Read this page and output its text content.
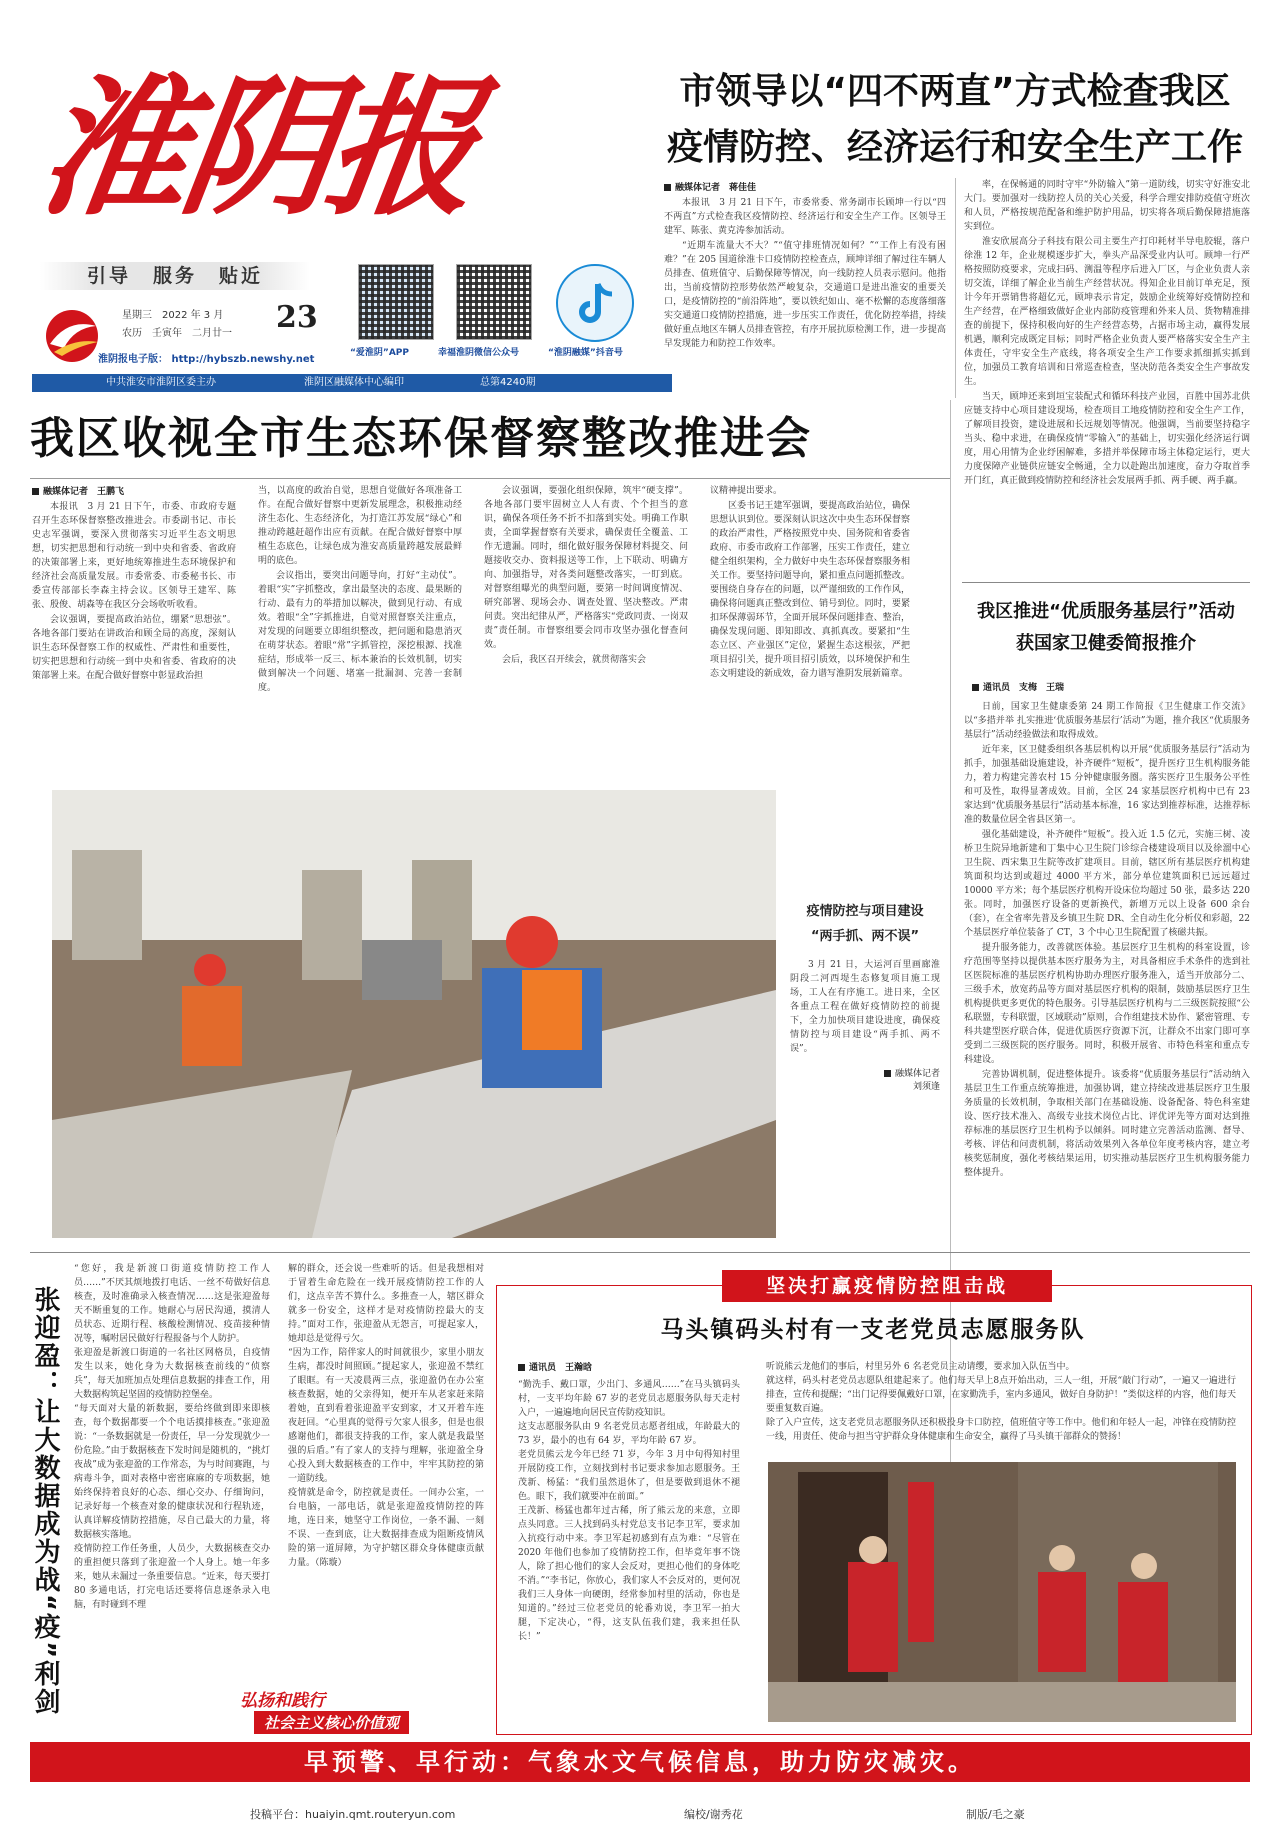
淮阴报
引导　服务　贴近
星期三　2022 年 3 月
农历　壬寅年　二月廿一 23
淮阴报电子版： http://hybszb.newshy.net
“爱淮阴”APP	幸福淮阴微信公众号	“淮阴融媒”抖音号
中共淮安市淮阴区委主办	淮阴区融媒体中心编印	总第4240期
市领导以“四不两直”方式检查我区
疫情防控、经济运行和安全生产工作
融媒体记者　蒋佳佳

本报讯　3 月 21 日下午，市委常委、常务副市长顾坤一行以“四不两直”方式检查我区疫情防控、经济运行和安全生产工作。区领导王建军、陈张、黄克涛参加活动。

“近期车流量大不大？”“值守排班情况如何？”“工作上有没有困难？”在 205 国道徐淮卡口疫情防控检查点，顾坤详细了解过往车辆人员排查、值班值守、后勤保障等情况，向一线防控人员表示慰问。他指出，当前疫情防控形势依然严峻复杂，交通道口是进出淮安的重要关口，是疫情防控的“前沿阵地”，要以铁纪如山、毫不松懈的态度落细落实交通道口疫情防控措施，进一步压实工作责任，优化防控举措，持续做好重点地区车辆人员排查管控，有序开展抗原检测工作，进一步提高早发现能力和防控工作效率。

率，在保畅通的同时守牢“外防输入”第一道防线，切实守好淮安北大门。要加强对一线防控人员的关心关爱，科学合理安排防疫值守班次和人员，严格按规范配备和维护防护用品，切实将各项后勤保障措施落实到位。

淮安欣展高分子科技有限公司主要生产打印耗材半导电胶辊，落户徐淮 12 年，企业规模逐步扩大，拳头产品深受业内认可。顾坤一行严格按照防疫要求，完成扫码、测温等程序后进入厂区，与企业负责人亲切交流，详细了解企业当前生产经营状况。得知企业目前订单充足，预计今年开票销售将超亿元，顾坤表示肯定，鼓励企业统筹好疫情防控和生产经营，在严格细致做好企业内部防疫管理和外来人员、货物精准排查的前提下，保持积极向好的生产经营态势，占据市场主动，赢得发展机遇，顺利完成既定目标；同时严格企业负责人要严格落实安全生产主体责任，守牢安全生产底线，将各项安全生产工作要求抓细抓实抓到位，加强员工教育培训和日常巡查检查，坚决防范各类安全生产事故发生。

当天，顾坤还来到垣宝装配式和循环科技产业园，百胜中国苏北供应链支持中心项目建设现场，检查项目工地疫情防控和安全生产工作，了解项目投资，建设进展和长远规划等情况。他强调，当前要坚持稳字当头、稳中求进，在确保疫情“零输入”的基础上，切实强化经济运行调度，用心用情为企业纾困解难，多措并举保障市场主体稳定运行，更大力度保障产业链供应链安全畅通，全力以赴跑出加速度，奋力夺取首季开门红，真正做到疫情防控和经济社会发展两手抓、两手硬、两手赢。

我区收视全市生态环保督察整改推进会
融媒体记者　王鹏飞

本报讯　3 月 21 日下午，市委、市政府专题召开生态环保督察整改推进会。市委副书记、市长史志军强调，要深入贯彻落实习近平生态文明思想，切实把思想和行动统一到中央和省委、省政府的决策部署上来，更好地统筹推进生态环境保护和经济社会高质量发展。市委常委、市委秘书长、市委宣传部部长李森主持会议。区领导王建军、陈张、殷俊、胡森等在我区分会场收听收看。

会议强调，要提高政治站位，绷紧“思想弦”。各地各部门要站在讲政治和顾全局的高度，深刻认识生态环保督察工作的权威性、严肃性和重要性，切实把思想和行动统一到中央和省委、省政府的决策部署上来。在配合做好督察中彰显政治担

当，以高度的政治自觉，思想自觉做好各项准备工作。在配合做好督察中更新发展理念，积极推动经济生态化、生态经济化，为打造江苏发展“绿心”和推动跨越赶超作出应有贡献。在配合做好督察中厚植生态底色，让绿色成为淮安高质量跨越发展最鲜明的底色。

会议指出，要突出问题导向，打好“主动仗”。着眼“实”字抓整改，拿出最坚决的态度、最果断的行动、最有力的举措加以解决，做到见行动、有成效。着眼“全”字抓推进，自觉对照督察关注重点，对发现的问题要立即组织整改，把问题和隐患消灭在萌芽状态。着眼“常”字抓管控，深挖根源、找准症结，形成举一反三、标本兼治的长效机制，切实做到解决一个问题、堵塞一批漏洞、完善一套制度。

会议强调，要强化组织保障，筑牢“硬支撑”。各地各部门要牢固树立人人有责、个个担当的意识，确保各项任务不折不扣落到实处。明确工作职责，全面掌握督察有关要求，确保责任全覆盖、工作无遗漏。同时，细化做好服务保障材料提交、问题接收交办、资料报送等工作，上下联动、明确方向、加强指导，对各类问题整改落实，一盯到底。对督察组曝光的典型问题，要第一时间调度情况、研究部署、现场会办、调查处置、坚决整改。严肃问责。突出纪律从严，严格落实“党政同责、一岗双责”责任制。市督察组要会同市攻坚办强化督查问效。

会后，我区召开续会，就贯彻落实会

议精神提出要求。

区委书记王建军强调，要提高政治站位，确保思想认识到位。要深刻认识这次中央生态环保督察的政治严肃性，严格按照党中央、国务院和省委省政府、市委市政府工作部署，压实工作责任，建立健全组织架构，全力做好中央生态环保督察服务相关工作。要坚持问题导向，紧扣重点问题抓整改。要围绕自身存在的问题，以严谨细致的工作作风，确保将问题真正整改到位、销号到位。同时，要紧扣环保薄弱环节，全面开展环保问题排查、整治，确保发现问题、即知即改、真抓真改。要紧扣“生态立区、产业强区”定位，紧握生态这根弦，严把项目招引关，提升项目招引质效，以环境保护和生态文明建设的新成效，奋力谱写淮阴发展新篇章。

疫情防控与项目建设
“两手抓、两不误”
3 月 21 日，大运河百里画廊淮阴段二河西堤生态修复项目施工现场，工人在有序施工。进日来，全区各重点工程在做好疫情防控的前提下，全力加快项目建设进度，确保疫情防控与项目建设“两手抓、两不误”。
融媒体记者
刘须逢
我区推进“优质服务基层行”活动
获国家卫健委简报推介
通讯员　支梅　王瑞

日前，国家卫生健康委第 24 期工作简报《卫生健康工作交流》以“多措并举 扎实推进‘优质服务基层行’活动”为题，推介我区“优质服务基层行”活动经验做法和取得成效。

近年来，区卫健委组织各基层机构以开展“优质服务基层行”活动为抓手，加强基础设施建设，补齐硬件“短板”，提升医疗卫生机构服务能力，着力构建完善农村 15 分钟健康服务圈。落实医疗卫生服务公平性和可及性，取得显著成效。目前，全区 24 家基层医疗机构中已有 23 家达到“优质服务基层行”活动基本标准，16 家达到推荐标准，达推荐标准的数量位居全省县区第一。

强化基础建设，补齐硬件“短板”。投入近 1.5 亿元，实施三树、凌桥卫生院异地新建和丁集中心卫生院门诊综合楼建设项目以及徐溜中心卫生院、西宋集卫生院等改扩建项目。目前，辖区所有基层医疗机构建筑面积均达到或超过 4000 平方米，部分单位建筑面积已远远超过 10000 平方米；每个基层医疗机构开设床位均超过 50 张，最多达 220 张。同时，加强医疗设备的更新换代，新增万元以上设备 600 余台（套），在全省率先普及乡镇卫生院 DR、全自动生化分析仪和彩超，22 个基层医疗单位装备了 CT，3 个中心卫生院配置了核磁共振。

提升服务能力，改善就医体验。基层医疗卫生机构的科室设置，诊疗范围等坚持以提供基本医疗服务为主，对具备相应手术条件的选到社区医院标准的基层医疗机构协助办理医疗服务准入，适当开放部分二、三级手术，放宽药品等方面对基层医疗机构的限制，鼓励基层医疗卫生机构提供更多更优的特色服务。引导基层医疗机构与二三级医院按照“公私联盟，专科联盟，区域联动”原则，合作组建技术协作、紧密管理、专科共建型医疗联合体，促进优质医疗资源下沉，让群众不出家门即可享受到二三级医院的医疗服务。同时，积极开展省、市特色科室和重点专科建设。

完善协调机制，促进整体提升。该委将“优质服务基层行”活动纳入基层卫生工作重点统筹推进，加强协调，建立持续改进基层医疗卫生服务质量的长效机制，争取相关部门在基础设施、设备配备、特色科室建设、医疗技术准入、高级专业技术岗位占比、评优评先等方面对达到推荐标准的基层医疗卫生机构予以倾斜。同时建立完善活动监测、督导、考核、评估和问责机制，将活动效果列入各单位年度考核内容，建立考核奖惩制度，强化考核结果运用，切实推动基层医疗卫生机构服务能力整体提升。

张迎盈：让大数据成为战“疫”利剑
“您好，我是新渡口街道疫情防控工作人员……”不厌其烦地拨打电话、一丝不苟做好信息核查，及时准确录入核查情况……这是张迎盈每天不断重复的工作。她耐心与居民沟通，摸清人员状态、近期行程、核酸检测情况、疫苗接种情况等，嘱咐居民做好行程报备与个人防护。
张迎盈是新渡口街道的一名社区网格员，自疫情发生以来，她化身为大数据核查前线的“侦察兵”，每天加班加点处理信息数据的排查工作，用大数据构筑起坚固的疫情防控堡垒。
“每天面对大量的新数据，要给终做到即来即核查，每个数据都要一个个电话摸排核查。”张迎盈说：“一条数据就是一份责任，早一分发现就少一份危险。”由于数据核查下发时间是随机的，“挑灯夜战”成为张迎盈的工作常态，为与时间赛跑，与病毒斗争，面对表格中密密麻麻的专项数据，她始终保持着良好的心态、细心交办、仔细询问，记录好每一个核查对象的健康状况和行程轨迹，认真详解疫情防控措施，尽自己最大的力量，将数据核实落地。
疫情防控工作任务重，人员少，大数据核查交办的重担便只落到了张迎盈一个人身上。她一年多来，她从未漏过一条重要信息。“近来，每天要打 80 多通电话，打完电话还要将信息逐条录入电脑，有时碰到不理
解的群众，还会说一些难听的话。但是我想相对于冒着生命危险在一线开展疫情防控工作的人们，这点辛苦不算什么。多推查一人，辖区群众就多一份安全，这样才是对疫情防控最大的支持。”面对工作，张迎盈从无怨言，可提起家人，她却总是觉得亏欠。
“因为工作，陪伴家人的时间就很少，家里小朋友生病，都没时间照顾。”提起家人，张迎盈不禁红了眼眶。有一天凌晨两三点，张迎盈仍在办公室核查数据，她的父亲得知，便开车从老家赶来陪着她，直到看着张迎盈平安到家，才又开着车连夜赶回。“心里真的觉得亏欠家人很多，但是也很感谢他们，都很支持我的工作，家人就是我最坚强的后盾。”有了家人的支持与理解，张迎盈全身心投入到大数据核查的工作中，牢牢其防控的第一道防线。
疫情就是命令，防控就是责任。一间办公室，一台电脑，一部电话，就是张迎盈疫情防控的阵地，连日来，她坚守工作岗位，一条不漏、一刻不误、一查到底，让大数据排查成为阻断疫情风险的第一道屏障，为守护辖区群众身体健康贡献力量。（陈璇）
弘扬和践行
社会主义核心价值观
坚决打赢疫情防控阻击战
马头镇码头村有一支老党员志愿服务队
通讯员　王瀚晗
“勤洗手、戴口罩，少出门、多通风……”在马头镇码头村，一支平均年龄 67 岁的老党员志愿服务队每天走村入户，一遍遍地向居民宣传防疫知识。
这支志愿服务队由 9 名老党员志愿者组成，年龄最大的 73 岁，最小的也有 64 岁，平均年龄 67 岁。
老党员熊云龙今年已经 71 岁，今年 3 月中旬得知村里开展防疫工作，立刻找到村书记要求参加志愿服务。王茂新、杨猛：“我们虽然退休了，但是要做到退休不褪色。眼下，我们就要冲在前面。”
王茂新、杨猛也都年过古稀，所了熊云龙的来意，立即点头同意。三人找到码头村党总支书记李卫军，要求加入抗疫行动中来。李卫军起初感到有点为难：“尽管在 2020 年他们也参加了疫情防控工作，但毕竟年事不饶人，除了担心他们的家人会反对，更担心他们的身体吃不消。”“李书记，你放心，我们家人不会反对的，更何况我们三人身体一向硬朗，经常参加村里的活动，你也是知道的。”经过三位老党员的轮番劝说，李卫军一拍大腿，下定决心，“得，这支队伍我们建，我来担任队长！”
听说熊云龙他们的事后，村里另外 6 名老党员主动请缨，要求加入队伍当中。
就这样，码头村老党员志愿队组建起来了。他们每天早上8点开始出动，三人一组，开展“敲门行动”，一遍又一遍进行排查，宣传和提醒；“出门记得要佩戴好口罩，在家勤洗手，室内多通风，做好自身防护！”类似这样的内容，他们每天要重复数百遍。
除了入户宣传，这支老党员志愿服务队还积极投身卡口防控，值班值守等工作中。他们和年轻人一起，冲锋在疫情防控一线，用责任、使命与担当守护群众身体健康和生命安全，赢得了马头镇干部群众的赞扬！
早预警、早行动：气象水文气候信息，助力防灾减灾。
投稿平台：huaiyin.qmt.routeryun.com	编校/谢秀花	制版/毛之豪
